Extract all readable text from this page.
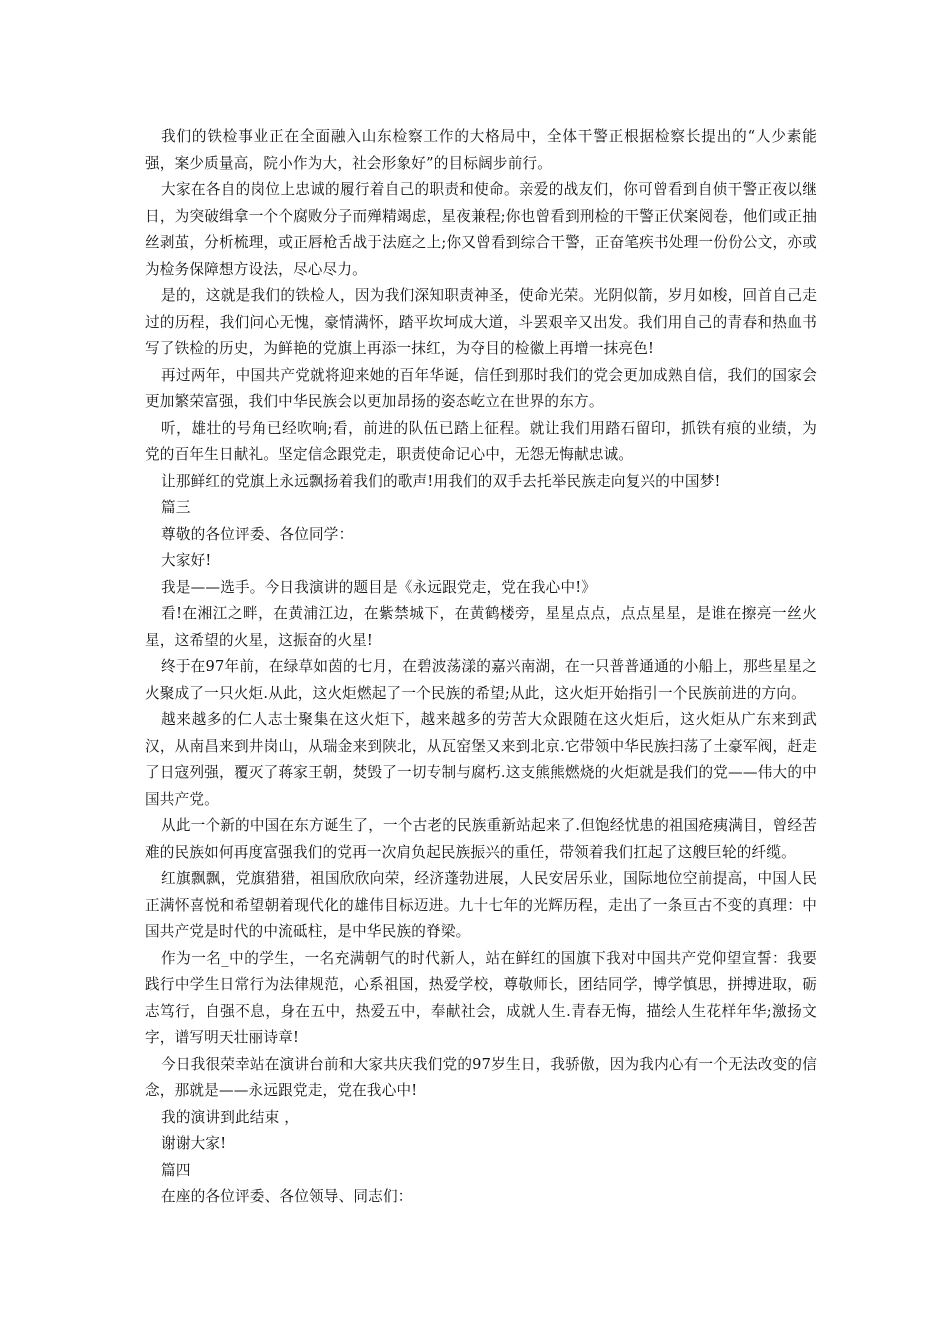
我们的铁检事业正在全面融入山东检察工作的大格局中，全体干警正根据检察长提出的“人少素能强，案少质量高，院小作为大，社会形象好”的目标阔步前行。

大家在各自的岗位上忠诚的履行着自己的职责和使命。亲爱的战友们，你可曾看到自侦干警正夜以继日，为突破缉拿一个个腐败分子而殚精竭虑，星夜兼程;你也曾看到刑检的干警正伏案阅卷，他们或正抽丝剥茧，分析梳理，或正唇枪舌战于法庭之上;你又曾看到综合干警，正奋笔疾书处理一份份公文，亦或为检务保障想方设法，尽心尽力。

是的，这就是我们的铁检人，因为我们深知职责神圣，使命光荣。光阴似箭，岁月如梭，回首自己走过的历程，我们问心无愧，豪情满怀，踏平坎坷成大道，斗罢艰辛又出发。我们用自己的青春和热血书写了铁检的历史，为鲜艳的党旗上再添一抹红，为夺目的检徽上再增一抹亮色!

再过两年，中国共产党就将迎来她的百年华诞，信任到那时我们的党会更加成熟自信，我们的国家会更加繁荣富强，我们中华民族会以更加昂扬的姿态屹立在世界的东方。

听，雄壮的号角已经吹响;看，前进的队伍已踏上征程。就让我们用踏石留印，抓铁有痕的业绩，为党的百年生日献礼。坚定信念跟党走，职责使命记心中，无怨无悔献忠诚。

让那鲜红的党旗上永远飘扬着我们的歌声!用我们的双手去托举民族走向复兴的中国梦!

篇三

尊敬的各位评委、各位同学：

大家好!

我是——选手。今日我演讲的题目是《永远跟党走，党在我心中!》

看!在湘江之畔，在黄浦江边，在紫禁城下，在黄鹤楼旁，星星点点，点点星星，是谁在擦亮一丝火星，这希望的火星，这振奋的火星!

终于在97年前，在绿草如茵的七月，在碧波荡漾的嘉兴南湖，在一只普普通通的小船上，那些星星之火聚成了一只火炬.从此，这火炬燃起了一个民族的希望;从此，这火炬开始指引一个民族前进的方向。

越来越多的仁人志士聚集在这火炬下，越来越多的劳苦大众跟随在这火炬后，这火炬从广东来到武汉，从南昌来到井岗山，从瑞金来到陕北，从瓦窑堡又来到北京.它带领中华民族扫荡了土豪军阀，赶走了日寇列强，覆灭了蒋家王朝，焚毁了一切专制与腐朽.这支熊熊燃烧的火炬就是我们的党——伟大的中国共产党。

从此一个新的中国在东方诞生了，一个古老的民族重新站起来了.但饱经忧患的祖国疮痍满目，曾经苦难的民族如何再度富强我们的党再一次肩负起民族振兴的重任，带领着我们扛起了这艘巨轮的纤缆。

红旗飘飘，党旗猎猎，祖国欣欣向荣，经济蓬勃进展，人民安居乐业，国际地位空前提高，中国人民正满怀喜悦和希望朝着现代化的雄伟目标迈进。九十七年的光辉历程，走出了一条亘古不变的真理：中国共产党是时代的中流砥柱，是中华民族的脊梁。

作为一名_中的学生，一名充满朝气的时代新人，站在鲜红的国旗下我对中国共产党仰望宣誓：我要践行中学生日常行为法律规范，心系祖国，热爱学校，尊敬师长，团结同学，博学慎思，拼搏进取，砺志笃行，自强不息，身在五中，热爱五中，奉献社会，成就人生.青春无悔，描绘人生花样年华;激扬文字，谱写明天壮丽诗章!

今日我很荣幸站在演讲台前和大家共庆我们党的97岁生日，我骄傲，因为我内心有一个无法改变的信念，那就是——永远跟党走，党在我心中!

我的演讲到此结束 ，

谢谢大家!

篇四

在座的各位评委、各位领导、同志们：
